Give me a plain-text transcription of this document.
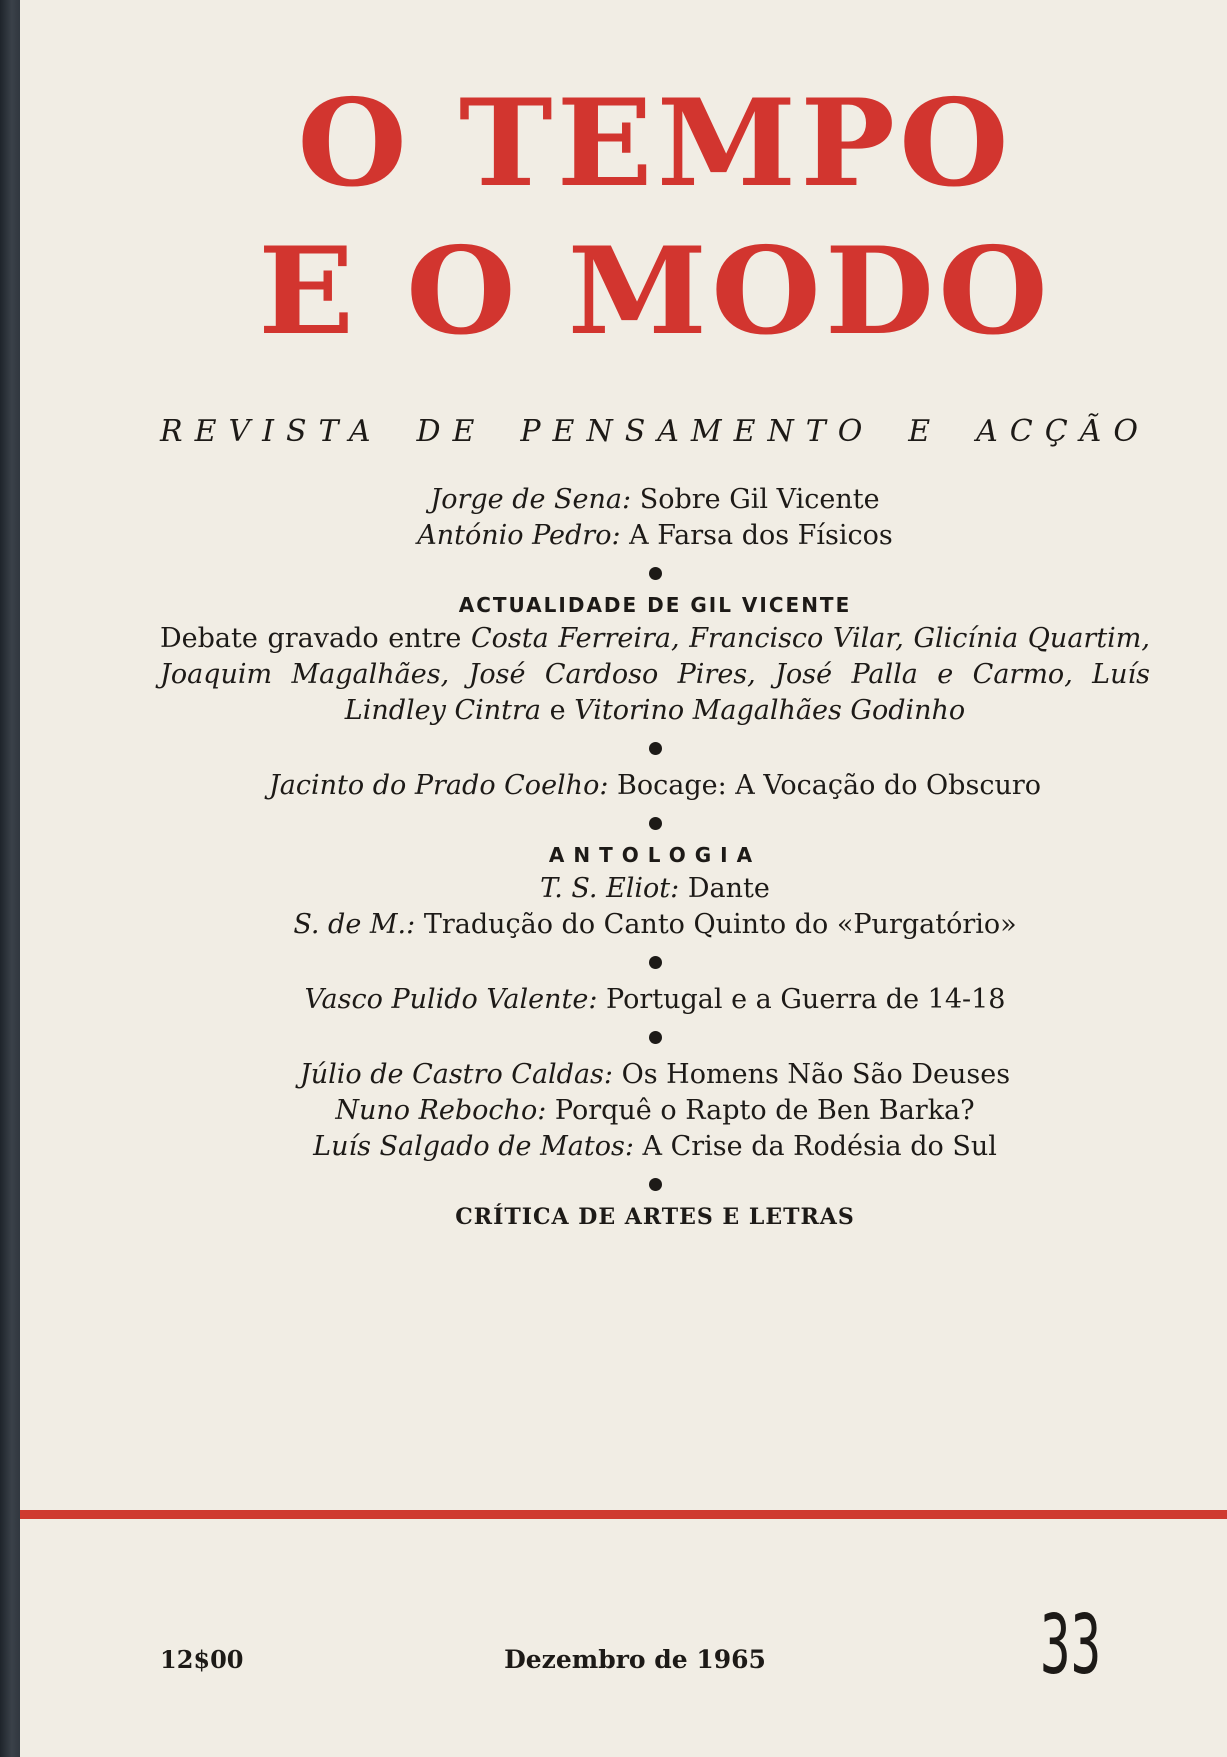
O TEMPO
E O MODO
REVISTA DE PENSAMENTO E ACÇÃO
Jorge de Sena: Sobre Gil Vicente
António Pedro: A Farsa dos Físicos
ACTUALIDADE DE GIL VICENTE
Debate gravado entre Costa Ferreira, Francisco Vilar, Glicínia Quartim, Joaquim Magalhães, José Cardoso Pires, José Palla e Carmo, Luís Lindley Cintra e Vitorino Magalhães Godinho
Jacinto do Prado Coelho: Bocage: A Vocação do Obscuro
ANTOLOGIA
T. S. Eliot: Dante
S. de M.: Tradução do Canto Quinto do «Purgatório»
Vasco Pulido Valente: Portugal e a Guerra de 14-18
Júlio de Castro Caldas: Os Homens Não São Deuses
Nuno Rebocho: Porquê o Rapto de Ben Barka?
Luís Salgado de Matos: A Crise da Rodésia do Sul
CRÍTICA DE ARTES E LETRAS
12$00	Dezembro de 1965	33
